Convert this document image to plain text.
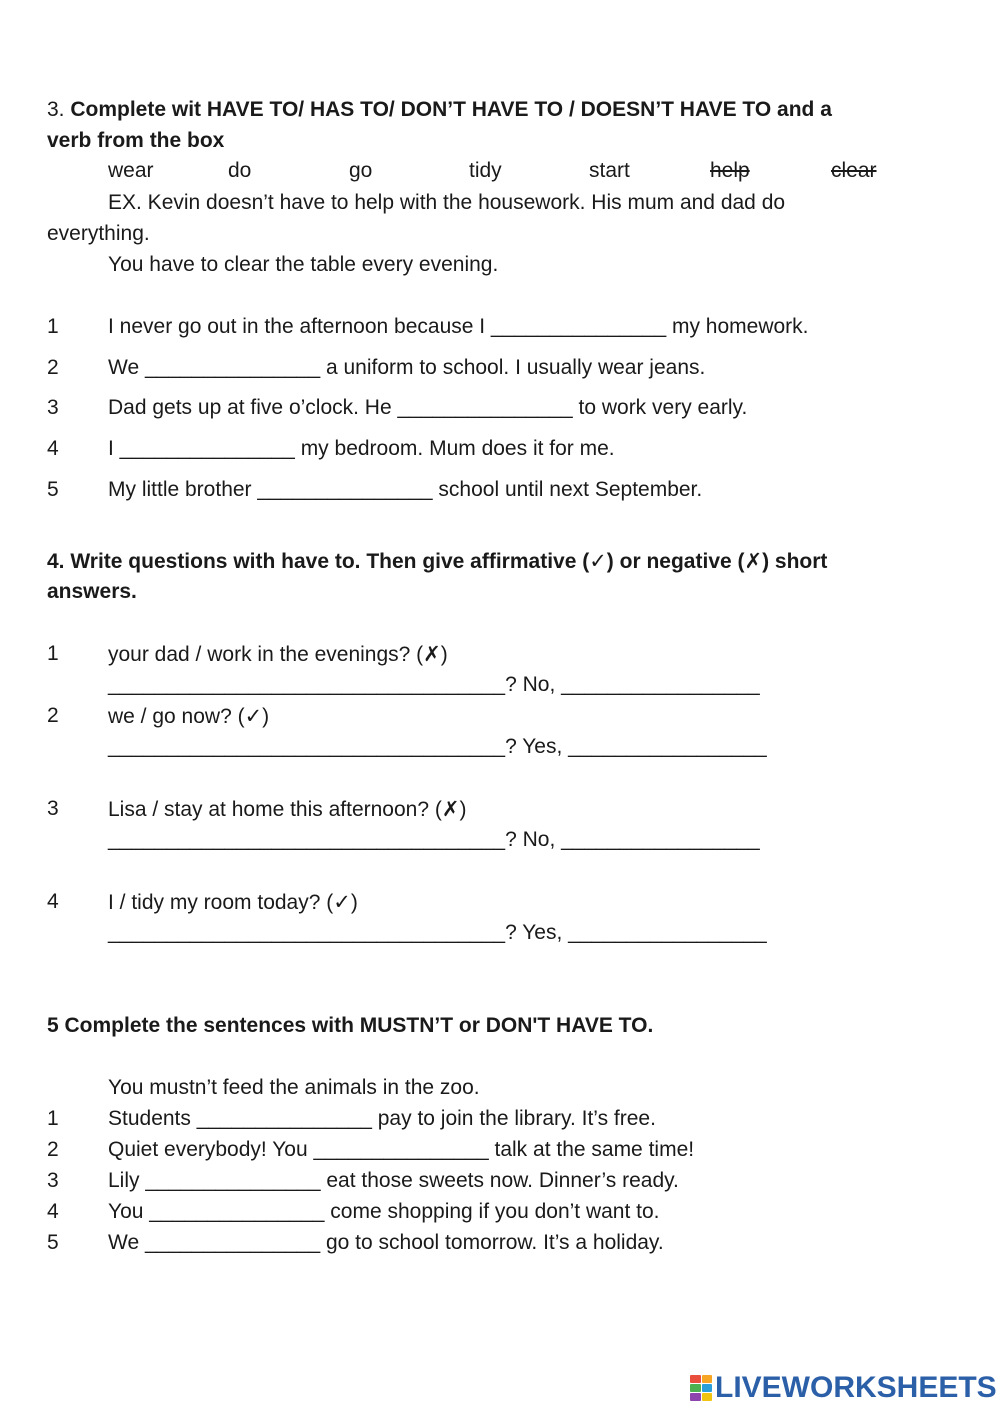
3. Complete wit HAVE TO/ HAS TO/ DON’T HAVE TO / DOESN’T HAVE TO and a
verb from the box
wear	do	go	tidy	start	help	clear
EX. Kevin doesn’t have to help with the housework. His mum and dad do
everything.
You have to clear the table every evening.
1 I never go out in the afternoon because I _______________ my homework.
2 We _______________ a uniform to school. I usually wear jeans.
3 Dad gets up at five o’clock. He _______________ to work very early.
4 I _______________ my bedroom. Mum does it for me.
5 My little brother _______________ school until next September.
4. Write questions with have to. Then give affirmative (✓) or negative (✗) short
answers.
1 your dad / work in the evenings? (✗)
__________________________________? No, _________________
2 we / go now? (✓)
__________________________________? Yes, _________________
3 Lisa / stay at home this afternoon? (✗)
__________________________________? No, _________________
4 I / tidy my room today? (✓)
__________________________________? Yes, _________________
5 Complete the sentences with MUSTN’T or DON'T HAVE TO.
You mustn’t feed the animals in the zoo.
1 Students _______________ pay to join the library. It’s free.
2 Quiet everybody! You _______________ talk at the same time!
3 Lily _______________ eat those sweets now. Dinner’s ready.
4 You _______________ come shopping if you don’t want to.
5 We _______________ go to school tomorrow. It’s a holiday.
LIVEWORKSHEETS
